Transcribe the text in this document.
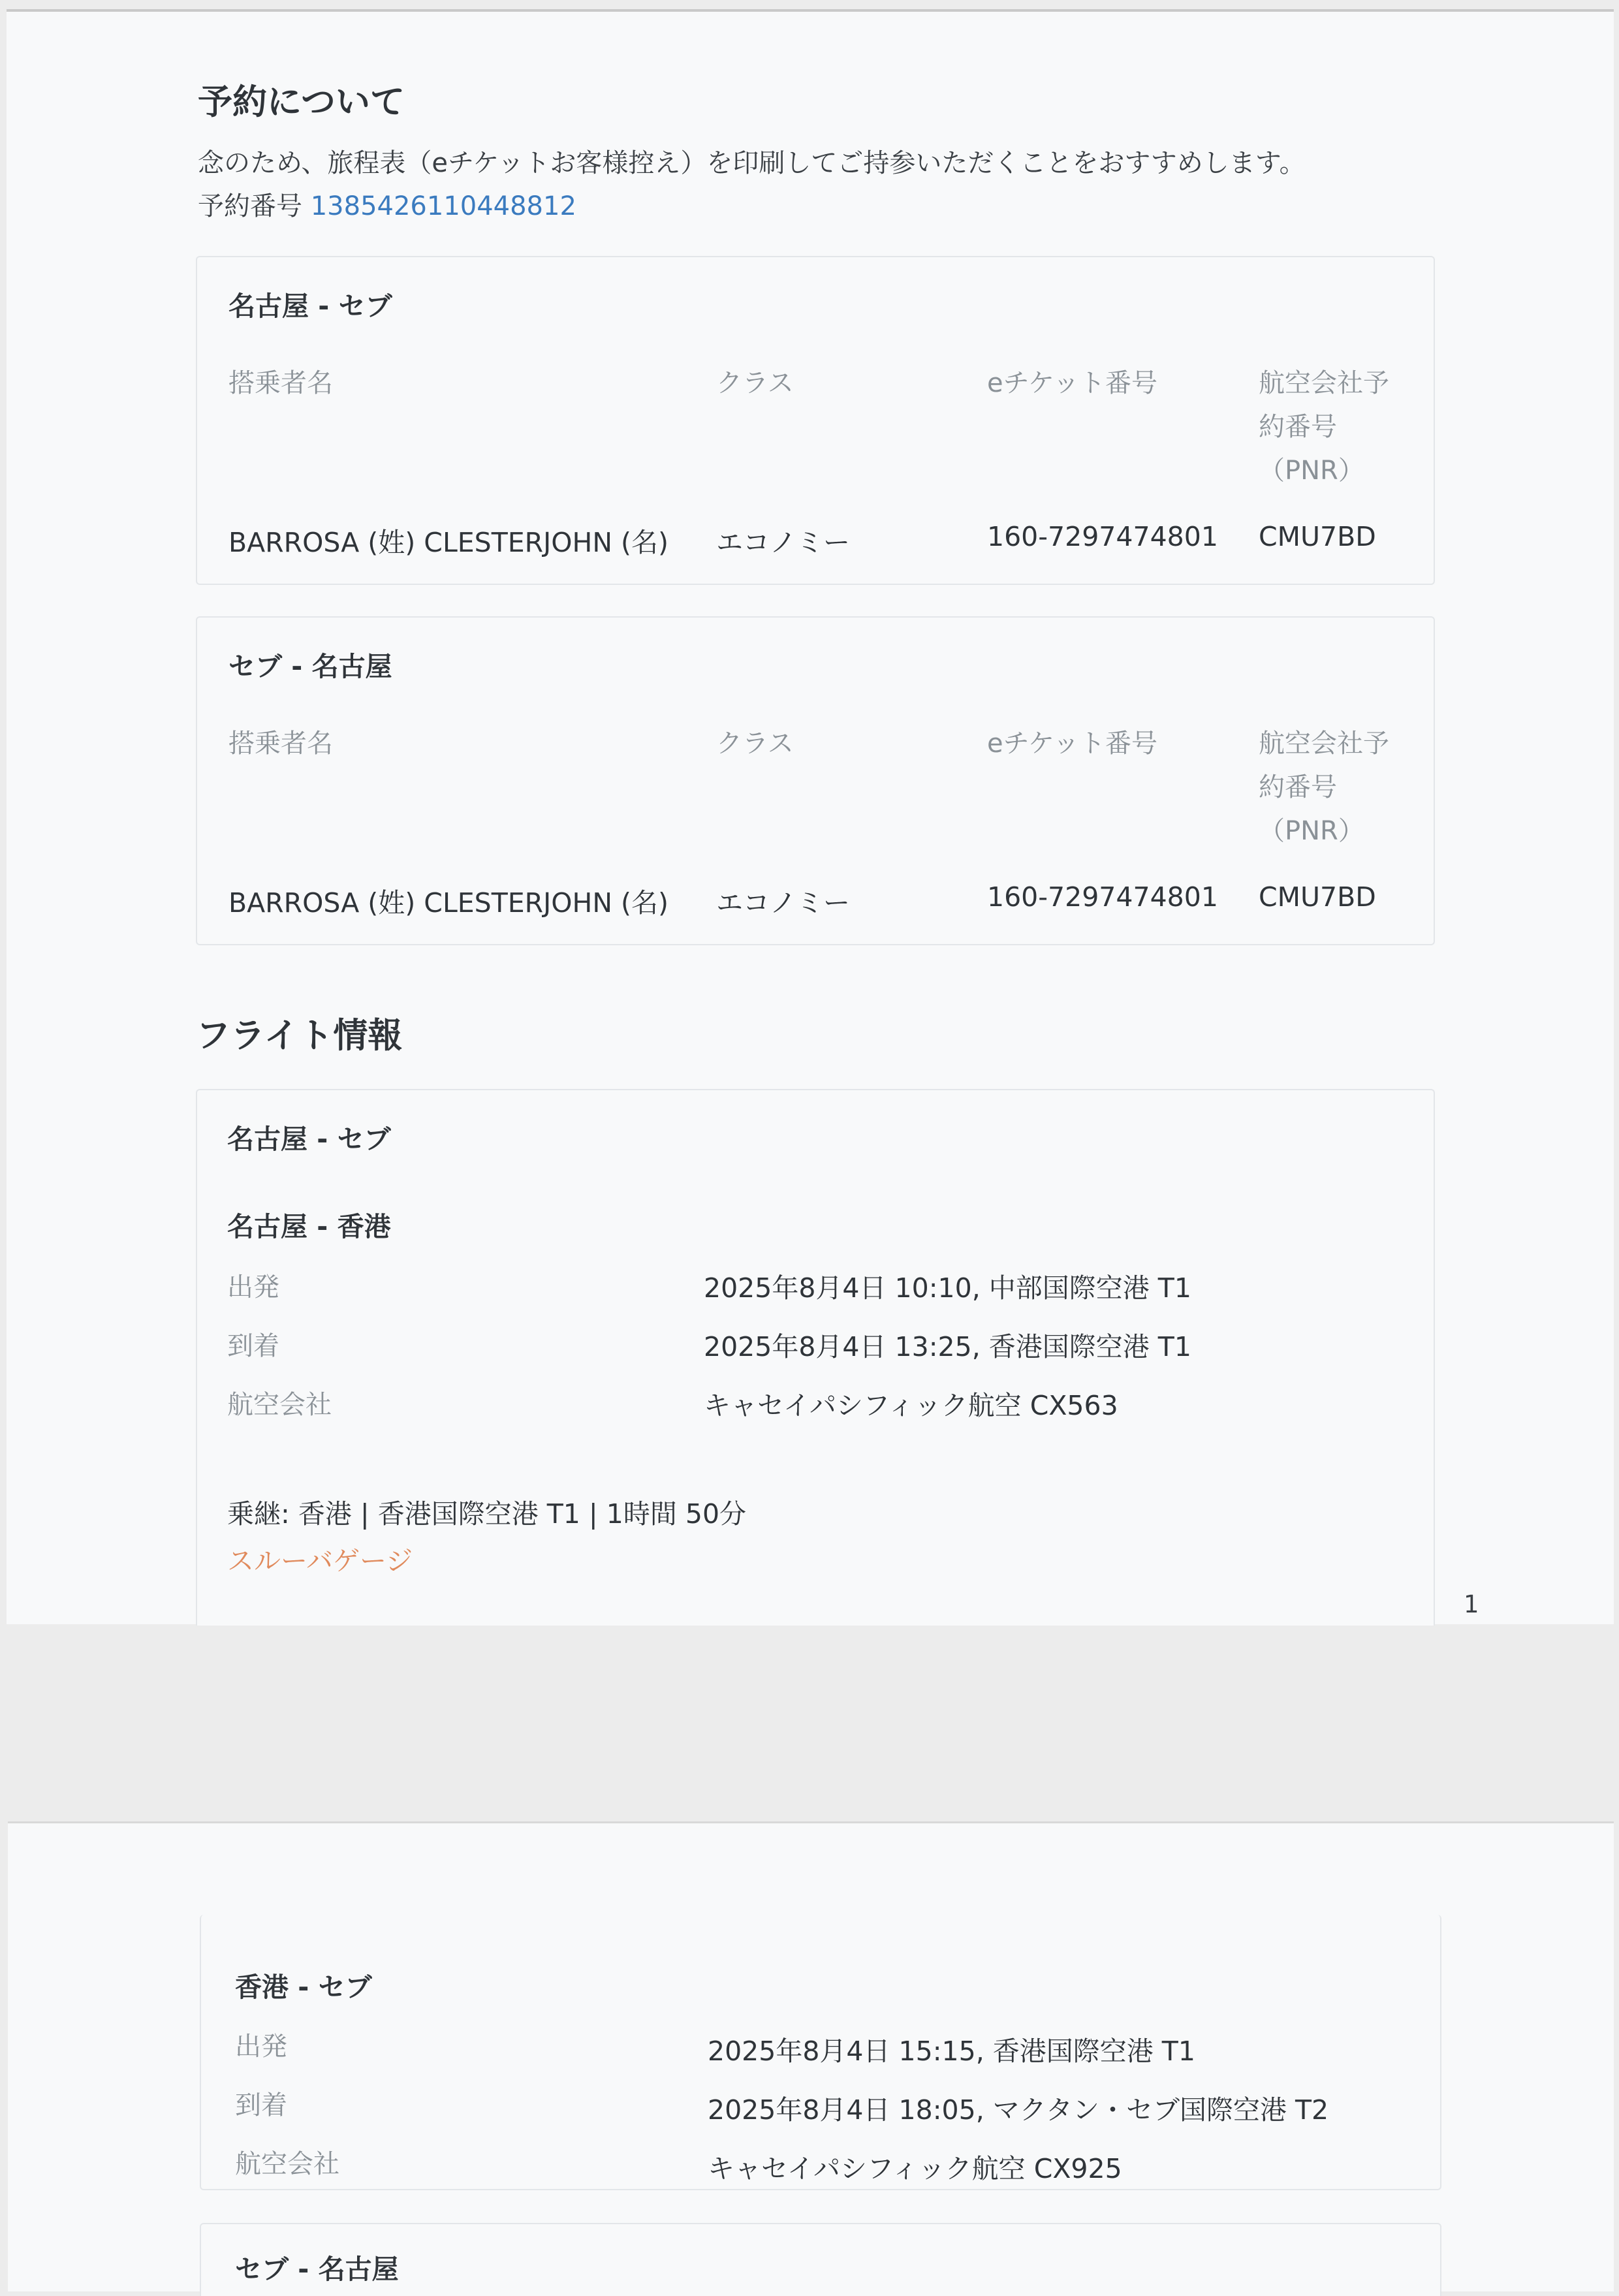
予約について
念のため、旅程表（eチケットお客様控え）を印刷してご持参いただくことをおすすめします。
予約番号 1385426110448812
名古屋 - セブ
搭乗者名	クラス	eチケット番号	航空会社予約番号（PNR）
BARROSA (姓) CLESTERJOHN (名) エコノミー	160-7297474801 CMU7BD
セブ - 名古屋
搭乗者名	クラス	eチケット番号	航空会社予約番号（PNR）
BARROSA (姓) CLESTERJOHN (名) エコノミー	160-7297474801 CMU7BD
フライト情報
名古屋 - セブ
名古屋 - 香港
出発	2025年8月4日 10:10, 中部国際空港 T1
到着	2025年8月4日 13:25, 香港国際空港 T1
航空会社	キャセイパシフィック航空 CX563
乗継: 香港 | 香港国際空港 T1 | 1時間 50分
スルーバゲージ
1
香港 - セブ
出発	2025年8月4日 15:15, 香港国際空港 T1
到着	2025年8月4日 18:05, マクタン・セブ国際空港 T2
航空会社	キャセイパシフィック航空 CX925
セブ - 名古屋
